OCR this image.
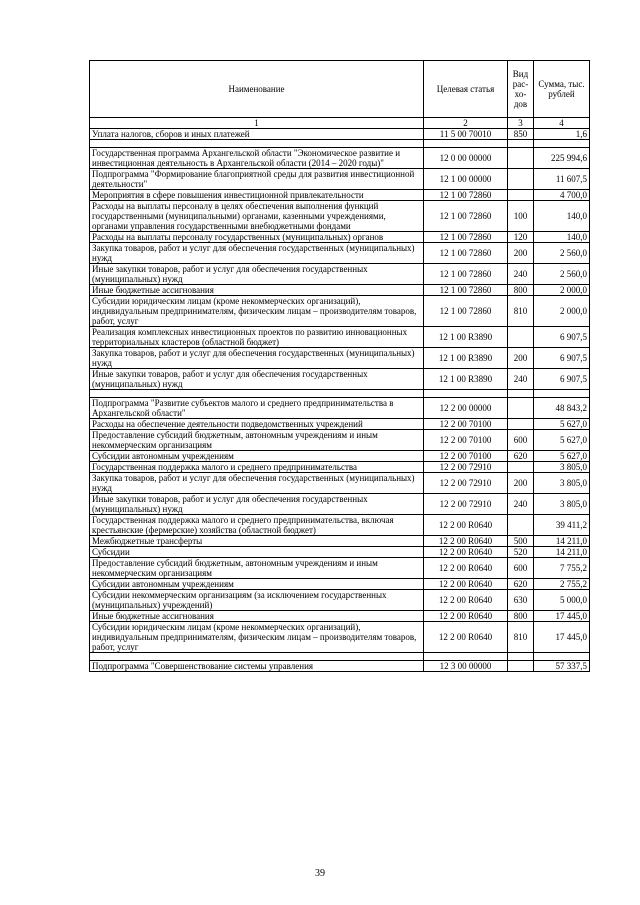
Наименование	Целевая статья	Вид рас-хо-дов	Сумма, тыс. рублей
1	2	3	4
Уплата налогов, сборов и иных платежей	11 5 00 70010	850	1,6

Государственная программа Архангельской области "Экономическое развитие и инвестиционная деятельность в Архангельской области (2014 – 2020 годы)"	12 0 00 00000		225 994,6
Подпрограмма "Формирование благоприятной среды для развития инвестиционной деятельности"	12 1 00 00000		11 607,5
Мероприятия в сфере повышения инвестиционной привлекательности	12 1 00 72860		4 700,0
Расходы на выплаты персоналу в целях обеспечения выполнения функций государственными (муниципальными) органами, казенными учреждениями, органами управления государственными внебюджетными фондами	12 1 00 72860	100	140,0
Расходы на выплаты персоналу государственных (муниципальных) органов	12 1 00 72860	120	140,0
Закупка товаров, работ и услуг для обеспечения государственных (муниципальных) нужд	12 1 00 72860	200	2 560,0
Иные закупки товаров, работ и услуг для обеспечения государственных (муниципальных) нужд	12 1 00 72860	240	2 560,0
Иные бюджетные ассигнования	12 1 00 72860	800	2 000,0
Субсидии юридическим лицам (кроме некоммерческих организаций), индивидуальным предпринимателям, физическим лицам – производителям товаров, работ, услуг	12 1 00 72860	810	2 000,0
Реализация комплексных инвестиционных проектов по развитию инновационных территориальных кластеров (областной бюджет)	12 1 00 R3890		6 907,5
Закупка товаров, работ и услуг для обеспечения государственных (муниципальных) нужд	12 1 00 R3890	200	6 907,5
Иные закупки товаров, работ и услуг для обеспечения государственных (муниципальных) нужд	12 1 00 R3890	240	6 907,5

Подпрограмма "Развитие субъектов малого и среднего предпринимательства в Архангельской области"	12 2 00 00000		48 843,2
Расходы на обеспечение деятельности подведомственных учреждений	12 2 00 70100		5 627,0
Предоставление субсидий бюджетным, автономным учреждениям и иным некоммерческим организациям	12 2 00 70100	600	5 627,0
Субсидии автономным учреждениям	12 2 00 70100	620	5 627,0
Государственная поддержка малого и среднего предпринимательства	12 2 00 72910		3 805,0
Закупка товаров, работ и услуг для обеспечения государственных (муниципальных) нужд	12 2 00 72910	200	3 805,0
Иные закупки товаров, работ и услуг для обеспечения государственных (муниципальных) нужд	12 2 00 72910	240	3 805,0
Государственная поддержка малого и среднего предпринимательства, включая крестьянские (фермерские) хозяйства (областной бюджет)	12 2 00 R0640		39 411,2
Межбюджетные трансферты	12 2 00 R0640	500	14 211,0
Субсидии	12 2 00 R0640	520	14 211,0
Предоставление субсидий бюджетным, автономным учреждениям и иным некоммерческим организациям	12 2 00 R0640	600	7 755,2
Субсидии автономным учреждениям	12 2 00 R0640	620	2 755,2
Субсидии некоммерческим организациям (за исключением государственных (муниципальных) учреждений)	12 2 00 R0640	630	5 000,0
Иные бюджетные ассигнования	12 2 00 R0640	800	17 445,0
Субсидии юридическим лицам (кроме некоммерческих организаций), индивидуальным предпринимателям, физическим лицам – производителям товаров, работ, услуг	12 2 00 R0640	810	17 445,0

Подпрограмма "Совершенствование системы управления	12 3 00 00000		57 337,5
39
